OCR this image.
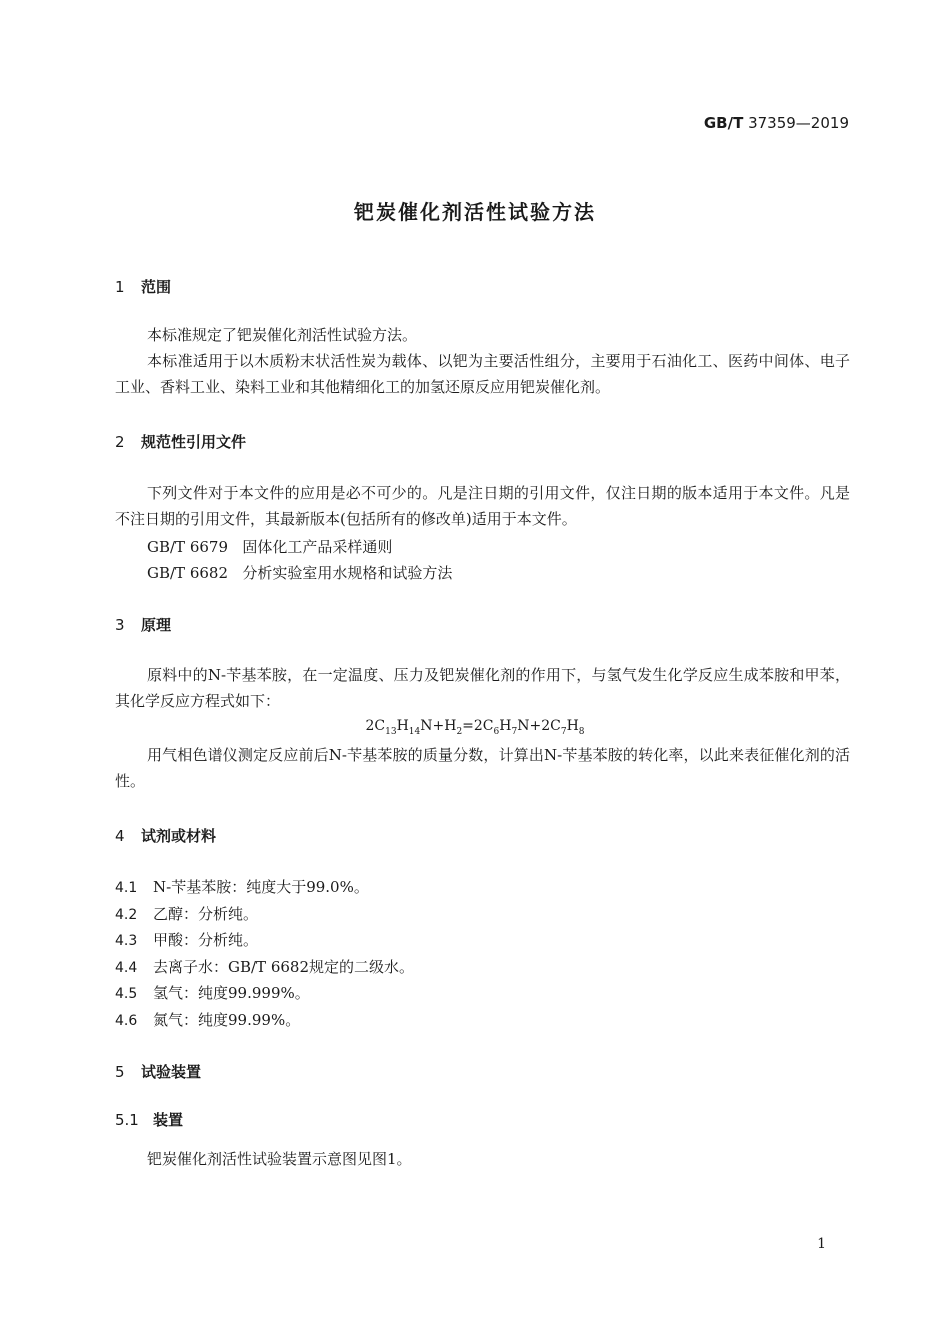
GB/T 37359—2019
钯炭催化剂活性试验方法
1 范围
本标准规定了钯炭催化剂活性试验方法。
本标准适用于以木质粉末状活性炭为载体、以钯为主要活性组分，主要用于石油化工、医药中间体、电子工业、香料工业、染料工业和其他精细化工的加氢还原反应用钯炭催化剂。
2 规范性引用文件
下列文件对于本文件的应用是必不可少的。凡是注日期的引用文件，仅注日期的版本适用于本文件。凡是不注日期的引用文件，其最新版本(包括所有的修改单)适用于本文件。
GB/T 6679 固体化工产品采样通则
GB/T 6682 分析实验室用水规格和试验方法
3 原理
原料中的N-苄基苯胺，在一定温度、压力及钯炭催化剂的作用下，与氢气发生化学反应生成苯胺和甲苯，其化学反应方程式如下：
$2C_{13}H_{14}N+H_2=2C_6H_7N+2C_7H_8$
用气相色谱仪测定反应前后N-苄基苯胺的质量分数，计算出N-苄基苯胺的转化率，以此来表征催化剂的活性。
4 试剂或材料
4.1 N-苄基苯胺：纯度大于99.0%。
4.2 乙醇：分析纯。
4.3 甲酸：分析纯。
4.4 去离子水：GB/T 6682规定的二级水。
4.5 氢气：纯度99.999%。
4.6 氮气：纯度99.99%。
5 试验装置
5.1 装置
钯炭催化剂活性试验装置示意图见图1。
1
